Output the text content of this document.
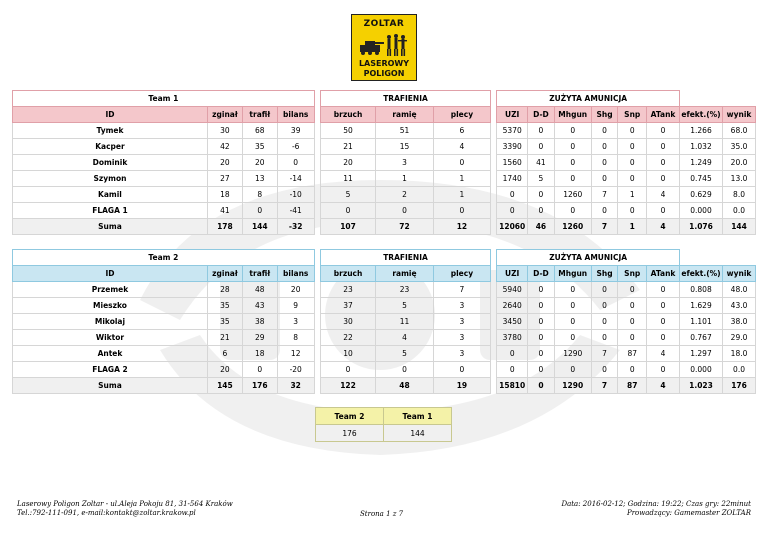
ZOLTAR
LASEROWY
POLIGON
Team 1					TRAFIENIA				ZUŻYTA AMUNICJA							
ID	zginał	trafił	bilans		brzuch	ramię	plecy		UZI	D-D	Mhgun	Shg	Snp	ATank	efekt.(%)	wynik
Tymek	30	68	39		50	51	6		5370	0	0	0	0	0	1.266	68.0
Kacper	42	35	-6		21	15	4		3390	0	0	0	0	0	1.032	35.0
Dominik	20	20	0		20	3	0		1560	41	0	0	0	0	1.249	20.0
Szymon	27	13	-14		11	1	1		1740	5	0	0	0	0	0.745	13.0
Kamil	18	8	-10		5	2	1		0	0	1260	7	1	4	0.629	8.0
FLAGA 1	41	0	-41		0	0	0		0	0	0	0	0	0	0.000	0.0
Suma	178	144	-32		107	72	12		12060	46	1260	7	1	4	1.076	144
Team 2					TRAFIENIA				ZUŻYTA AMUNICJA							
ID	zginał	trafił	bilans		brzuch	ramię	plecy		UZI	D-D	Mhgun	Shg	Snp	ATank	efekt.(%)	wynik
Przemek	28	48	20		23	23	7		5940	0	0	0	0	0	0.808	48.0
Mieszko	35	43	9		37	5	3		2640	0	0	0	0	0	1.629	43.0
Mikolaj	35	38	3		30	11	3		3450	0	0	0	0	0	1.101	38.0
Wiktor	21	29	8		22	4	3		3780	0	0	0	0	0	0.767	29.0
Antek	6	18	12		10	5	3		0	0	1290	7	87	4	1.297	18.0
FLAGA 2	20	0	-20		0	0	0		0	0	0	0	0	0	0.000	0.0
Suma	145	176	32		122	48	19		15810	0	1290	7	87	4	1.023	176
Team 2	Team 1
176	144
Laserowy Poligon Zoltar - ul.Aleja Pokoju 81, 31-564 Kraków
Tel.:792-111-091, e-mail:kontakt@zoltar.krakow.pl	Strona 1 z 7
Data: 2016-02-12; Godzina: 19:22; Czas gry: 22minut
Prowadzący: Gamemaster ZOLTAR
